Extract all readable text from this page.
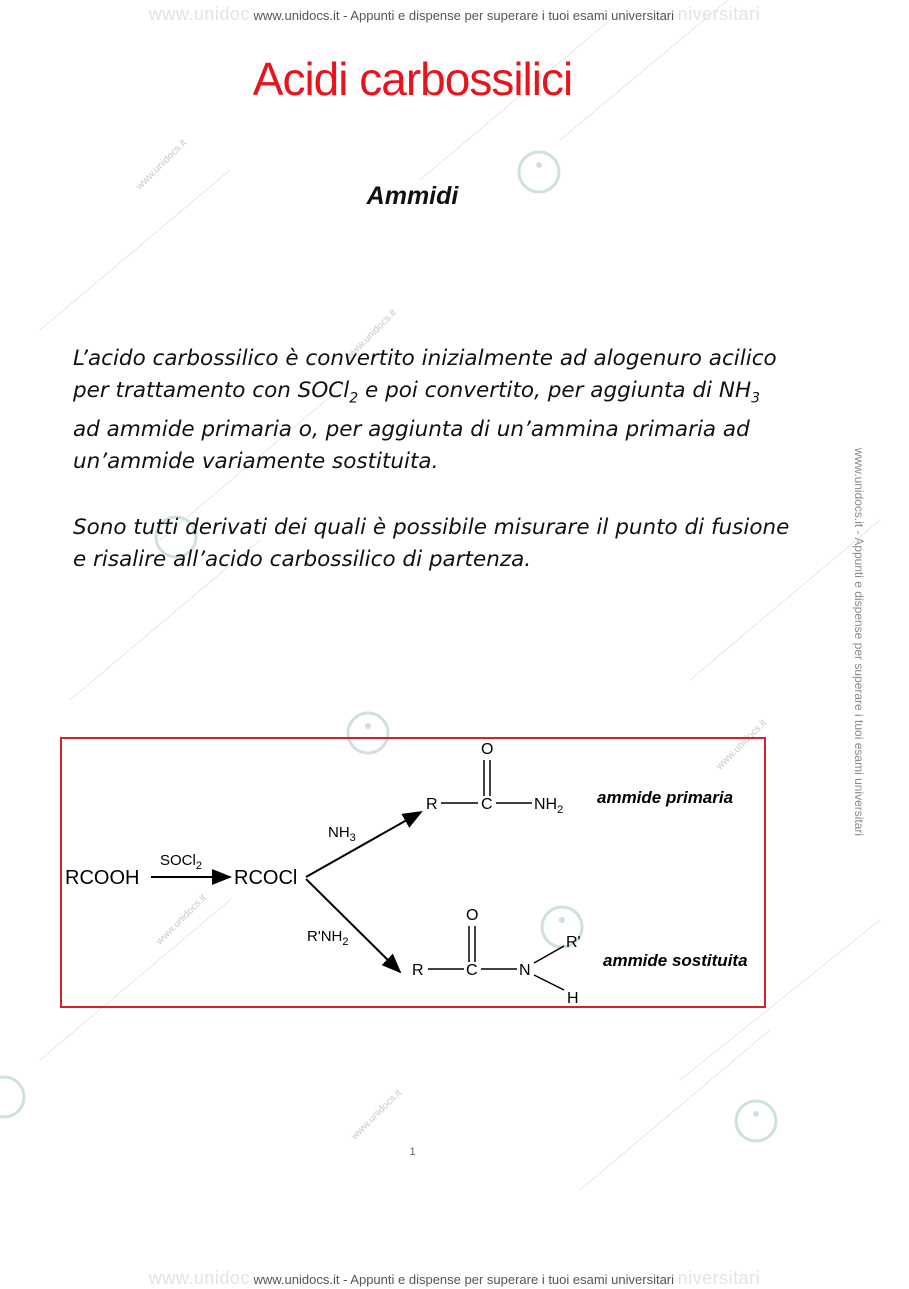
www.unidoc www.unidocs.it - Appunti e dispense per superare i tuoi esami universitari niversitari
www.unidoc www.unidocs.it - Appunti e dispense per superare i tuoi esami universitari niversitari
www.unidocs.it - Appunti e dispense per superare i tuoi esami universitari
www.unidocs.it
www.unidocs.it
www.unidocs.it
www.unidocs.it
www.unidocs.it
Acidi carbossilici
Ammidi

L’acido carbossilico è convertito inizialmente ad alogenuro acilico per trattamento con SOCl$_2$ e poi convertito, per aggiunta di $NH_3$ ad ammide primaria o, per aggiunta di un’ammina primaria ad un’ammide variamente sostituita.

Sono tutti derivati dei quali è possibile misurare il punto di fusione e risalire all’acido carbossilico di partenza.

RCOOH
SOCl$_2$
RCOCl
$NH_3$
R	C
O
$NH_2$
ammide primaria
$R'NH_2$
R	C
O
N
R'
H
ammide sostituita
1
